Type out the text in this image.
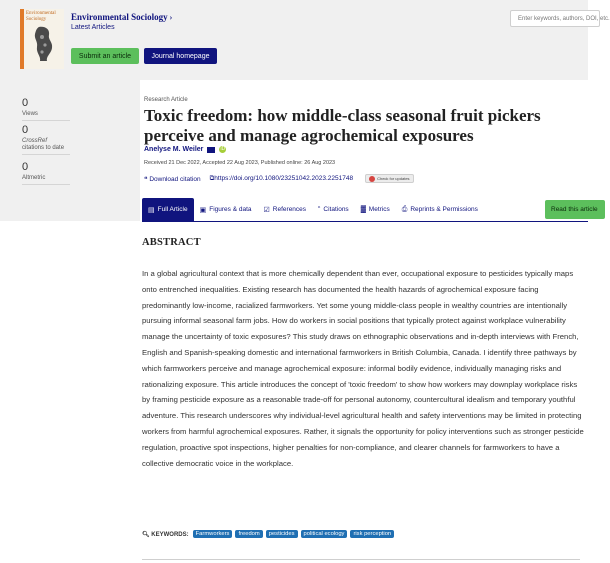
Environmental Sociology	Environmental Sociology ›
Latest Articles
Submit an article	Journal homepage
Enter keywords, authors, DOI, etc.
0
Views
0
CrossRef
citations to date
0
Altmetric
Research Article
Toxic freedom: how middle-class seasonal fruit pickers
perceive and manage agrochemical exposures
Anelyse M. Weiler	iD
Received 21 Dec 2022, Accepted 22 Aug 2023, Published online: 26 Aug 2023
❝ Download citation ⧉https://doi.org/10.1080/23251042.2023.2251748	Check for updates
▤ Full Article ▣ Figures & data ☑ References “ Citations ▓ Metrics ⎙ Reprints & Permissions	Read this article
ABSTRACT

In a global agricultural context that is more chemically dependent than ever, occupational exposure to pesticides typically maps onto entrenched inequalities. Existing research has documented the health hazards of agrochemical exposure facing predominantly low-income, racialized farmworkers. Yet some young middle-class people in wealthy countries are intentionally pursuing informal seasonal farm jobs. How do workers in social positions that typically protect against workplace vulnerability manage the uncertainty of toxic exposures? This study draws on ethnographic observations and in-depth interviews with French, English and Spanish-speaking domestic and international farmworkers in British Columbia, Canada. I identify three pathways by which farmworkers perceive and manage agrochemical exposure: informal bodily evidence, individually managing risks and rationalizing exposure. This article introduces the concept of 'toxic freedom' to show how workers may downplay workplace risks by framing pesticide exposure as a reasonable trade-off for personal autonomy, countercultural idealism and temporary youthful adventure. This research underscores why individual-level agricultural health and safety interventions may be limited in protecting workers from harmful agrochemical exposures. Rather, it signals the opportunity for policy interventions such as stronger pesticide regulation, proactive spot inspections, higher penalties for non-compliance, and clearer channels for farmworkers to have a collective democratic voice in the workplace.

🔍︎ KEYWORDS:	Farmworkers	freedom	pesticides	political ecology	risk perception
